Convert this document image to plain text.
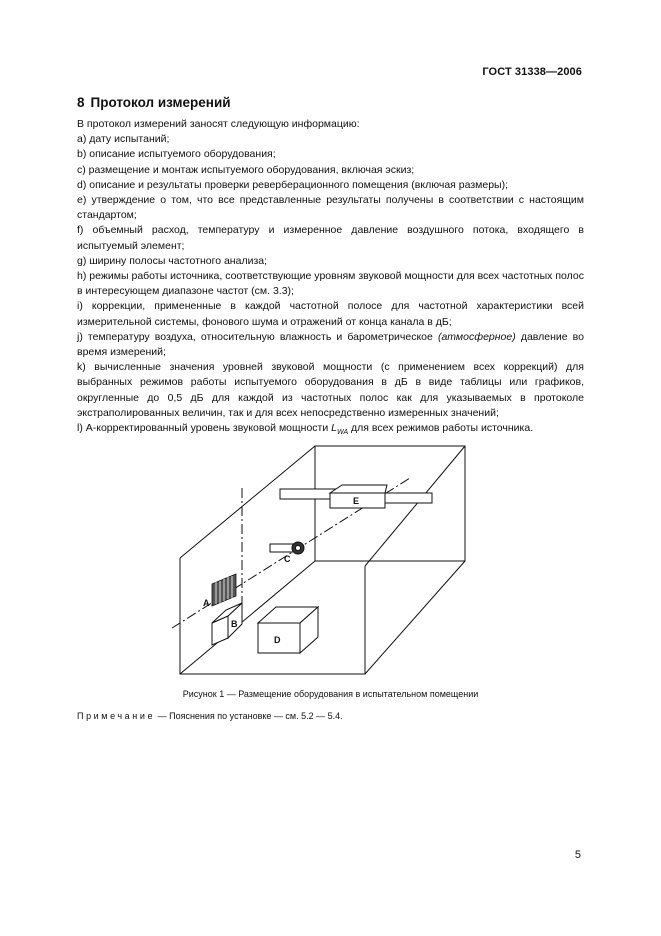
ГОСТ 31338—2006
8 Протокол измерений

В протокол измерений заносят следующую информацию:

a) дату испытаний;

b) описание испытуемого оборудования;

c) размещение и монтаж испытуемого оборудования, включая эскиз;

d) описание и результаты проверки реверберационного помещения (включая размеры);

e) утверждение о том, что все представленные результаты получены в соответствии с настоящим стандартом;

f) объемный расход, температуру и измеренное давление воздушного потока, входящего в испытуемый элемент;

g) ширину полосы частотного анализа;

h) режимы работы источника, соответствующие уровням звуковой мощности для всех частотных полос в интересующем диапазоне частот (см. 3.3);

i) коррекции, примененные в каждой частотной полосе для частотной характеристики всей измерительной системы, фонового шума и отражений от конца канала в дБ;

j) температуру воздуха, относительную влажность и барометрическое (атмосферное) давление во время измерений;

k) вычисленные значения уровней звуковой мощности (с применением всех коррекций) для выбранных режимов работы испытуемого оборудования в дБ в виде таблицы или графиков, округленные до 0,5 дБ для каждой из частотных полос как для указываемых в протоколе экстраполированных величин, так и для всех непосредственно измеренных значений;

l) А-корректированный уровень звуковой мощности $L_{WA}$ для всех режимов работы источника.

A
B
C
D
E
Рисунок 1 — Размещение оборудования в испытательном помещении
Примечание — Пояснения по установке — см. 5.2 — 5.4.
5
